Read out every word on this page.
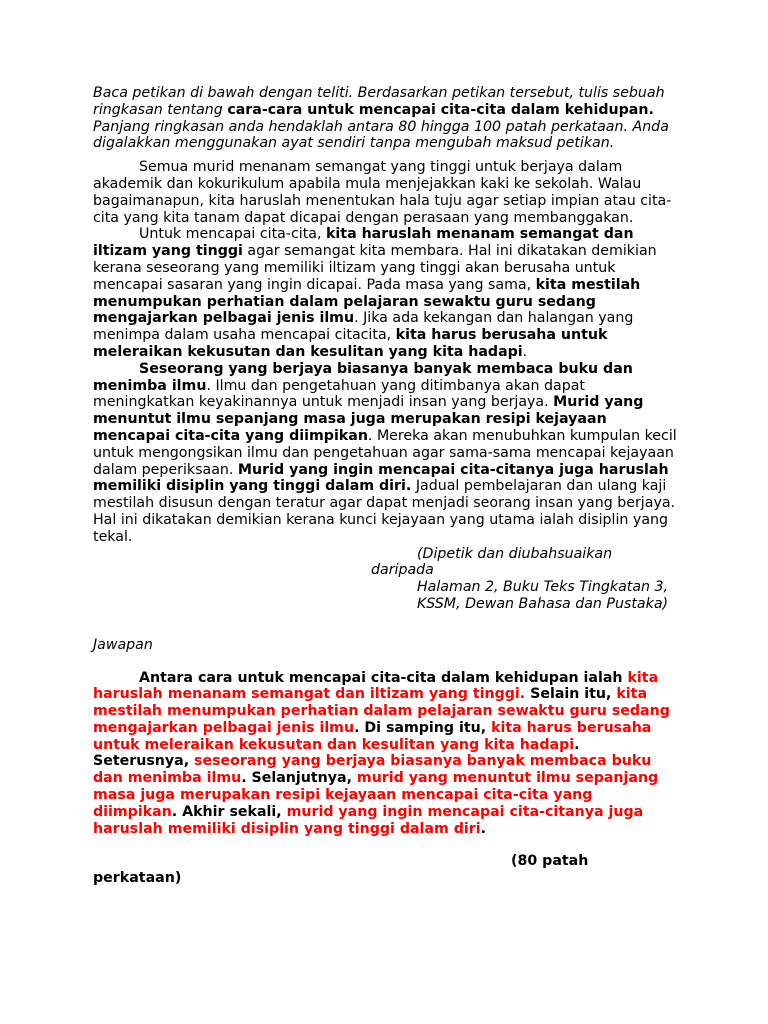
Baca petikan di bawah dengan teliti. Berdasarkan petikan tersebut, tulis sebuah ringkasan tentang cara-cara untuk mencapai cita-cita dalam kehidupan. Panjang ringkasan anda hendaklah antara 80 hingga 100 patah perkataan. Anda digalakkan menggunakan ayat sendiri tanpa mengubah maksud petikan.

Semua murid menanam semangat yang tinggi untuk berjaya dalam akademik dan kokurikulum apabila mula menjejakkan kaki ke sekolah. Walau bagaimanapun, kita haruslah menentukan hala tuju agar setiap impian atau cita-cita yang kita tanam dapat dicapai dengan perasaan yang membanggakan.

Untuk mencapai cita-cita, kita haruslah menanam semangat dan iltizam yang tinggi agar semangat kita membara. Hal ini dikatakan demikian kerana seseorang yang memiliki iltizam yang tinggi akan berusaha untuk mencapai sasaran yang ingin dicapai. Pada masa yang sama, kita mestilah menumpukan perhatian dalam pelajaran sewaktu guru sedang mengajarkan pelbagai jenis ilmu. Jika ada kekangan dan halangan yang menimpa dalam usaha mencapai citacita, kita harus berusaha untuk meleraikan kekusutan dan kesulitan yang kita hadapi.

Seseorang yang berjaya biasanya banyak membaca buku dan menimba ilmu. Ilmu dan pengetahuan yang ditimbanya akan dapat meningkatkan keyakinannya untuk menjadi insan yang berjaya. Murid yang menuntut ilmu sepanjang masa juga merupakan resipi kejayaan mencapai cita-cita yang diimpikan. Mereka akan menubuhkan kumpulan kecil untuk mengongsikan ilmu dan pengetahuan agar sama-sama mencapai kejayaan dalam peperiksaan. Murid yang ingin mencapai cita-citanya juga haruslah memiliki disiplin yang tinggi dalam diri. Jadual pembelajaran dan ulang kaji mestilah disusun dengan teratur agar dapat menjadi seorang insan yang berjaya. Hal ini dikatakan demikian kerana kunci kejayaan yang utama ialah disiplin yang tekal.

(Dipetik dan diubahsuaikan

daripada

Halaman 2, Buku Teks Tingkatan 3, KSSM, Dewan Bahasa dan Pustaka)

Jawapan

Antara cara untuk mencapai cita-cita dalam kehidupan ialah kita haruslah menanam semangat dan iltizam yang tinggi. Selain itu, kita mestilah menumpukan perhatian dalam pelajaran sewaktu guru sedang mengajarkan pelbagai jenis ilmu. Di samping itu, kita harus berusaha untuk meleraikan kekusutan dan kesulitan yang kita hadapi. Seterusnya, seseorang yang berjaya biasanya banyak membaca buku dan menimba ilmu. Selanjutnya, murid yang menuntut ilmu sepanjang masa juga merupakan resipi kejayaan mencapai cita-cita yang diimpikan. Akhir sekali, murid yang ingin mencapai cita-citanya juga haruslah memiliki disiplin yang tinggi dalam diri.

(80 patah

perkataan)
